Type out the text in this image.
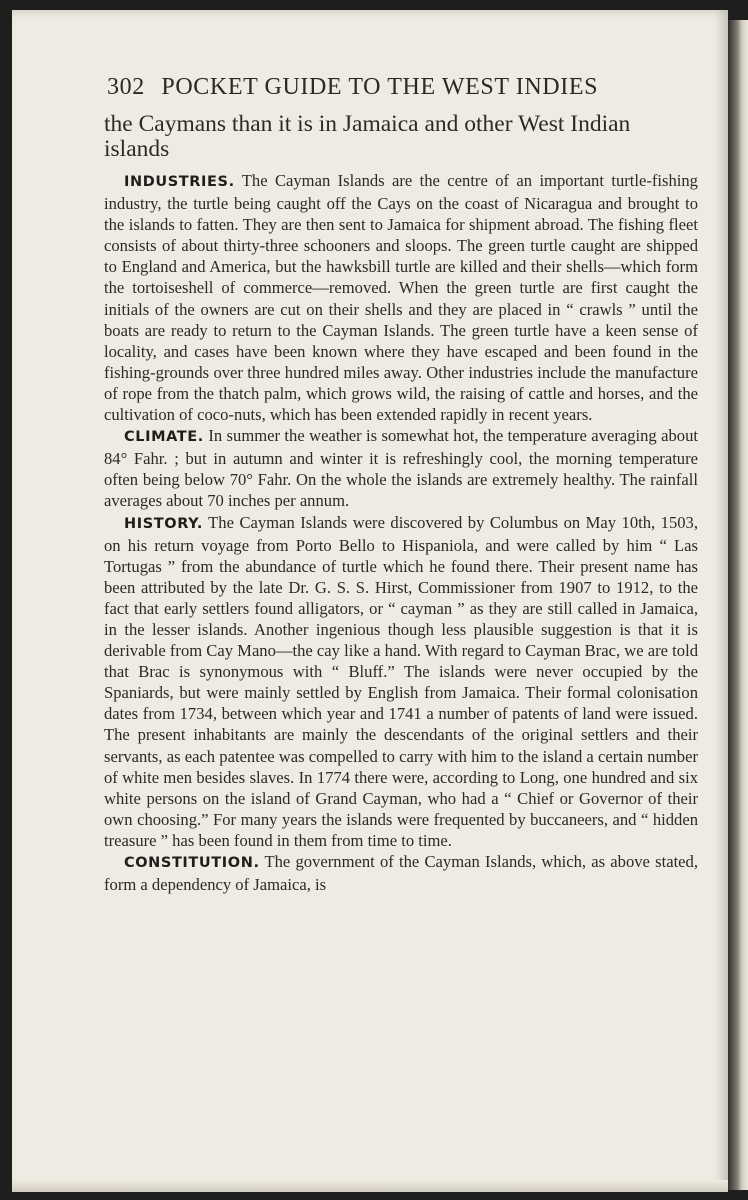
302 POCKET GUIDE TO THE WEST INDIES
the Caymans than it is in Jamaica and other West Indian islands

INDUSTRIES. The Cayman Islands are the centre of an important turtle-fishing industry, the turtle being caught off the Cays on the coast of Nicaragua and brought to the islands to fatten. They are then sent to Jamaica for shipment abroad. The fishing fleet consists of about thirty-three schooners and sloops. The green turtle caught are shipped to England and America, but the hawksbill turtle are killed and their shells—which form the tortoiseshell of commerce—removed. When the green turtle are first caught the initials of the owners are cut on their shells and they are placed in “ crawls ” until the boats are ready to return to the Cayman Islands. The green turtle have a keen sense of locality, and cases have been known where they have escaped and been found in the fishing-grounds over three hundred miles away. Other industries include the manufacture of rope from the thatch palm, which grows wild, the raising of cattle and horses, and the cultivation of coco-nuts, which has been extended rapidly in recent years.

CLIMATE. In summer the weather is somewhat hot, the temperature averaging about 84° Fahr. ; but in autumn and winter it is refreshingly cool, the morning temperature often being below 70° Fahr. On the whole the islands are extremely healthy. The rainfall averages about 70 inches per annum.

HISTORY. The Cayman Islands were discovered by Columbus on May 10th, 1503, on his return voyage from Porto Bello to Hispaniola, and were called by him “ Las Tortugas ” from the abundance of turtle which he found there. Their present name has been attributed by the late Dr. G. S. S. Hirst, Commissioner from 1907 to 1912, to the fact that early settlers found alligators, or “ cayman ” as they are still called in Jamaica, in the lesser islands. Another ingenious though less plausible suggestion is that it is derivable from Cay Mano—the cay like a hand. With regard to Cayman Brac, we are told that Brac is synonymous with “ Bluff.” The islands were never occupied by the Spaniards, but were mainly settled by English from Jamaica. Their formal colonisation dates from 1734, between which year and 1741 a number of patents of land were issued. The present inhabitants are mainly the descendants of the original settlers and their servants, as each patentee was compelled to carry with him to the island a certain number of white men besides slaves. In 1774 there were, according to Long, one hundred and six white persons on the island of Grand Cayman, who had a “ Chief or Governor of their own choosing.” For many years the islands were frequented by buccaneers, and “ hidden treasure ” has been found in them from time to time.

CONSTITUTION. The government of the Cayman Islands, which, as above stated, form a dependency of Jamaica, is
